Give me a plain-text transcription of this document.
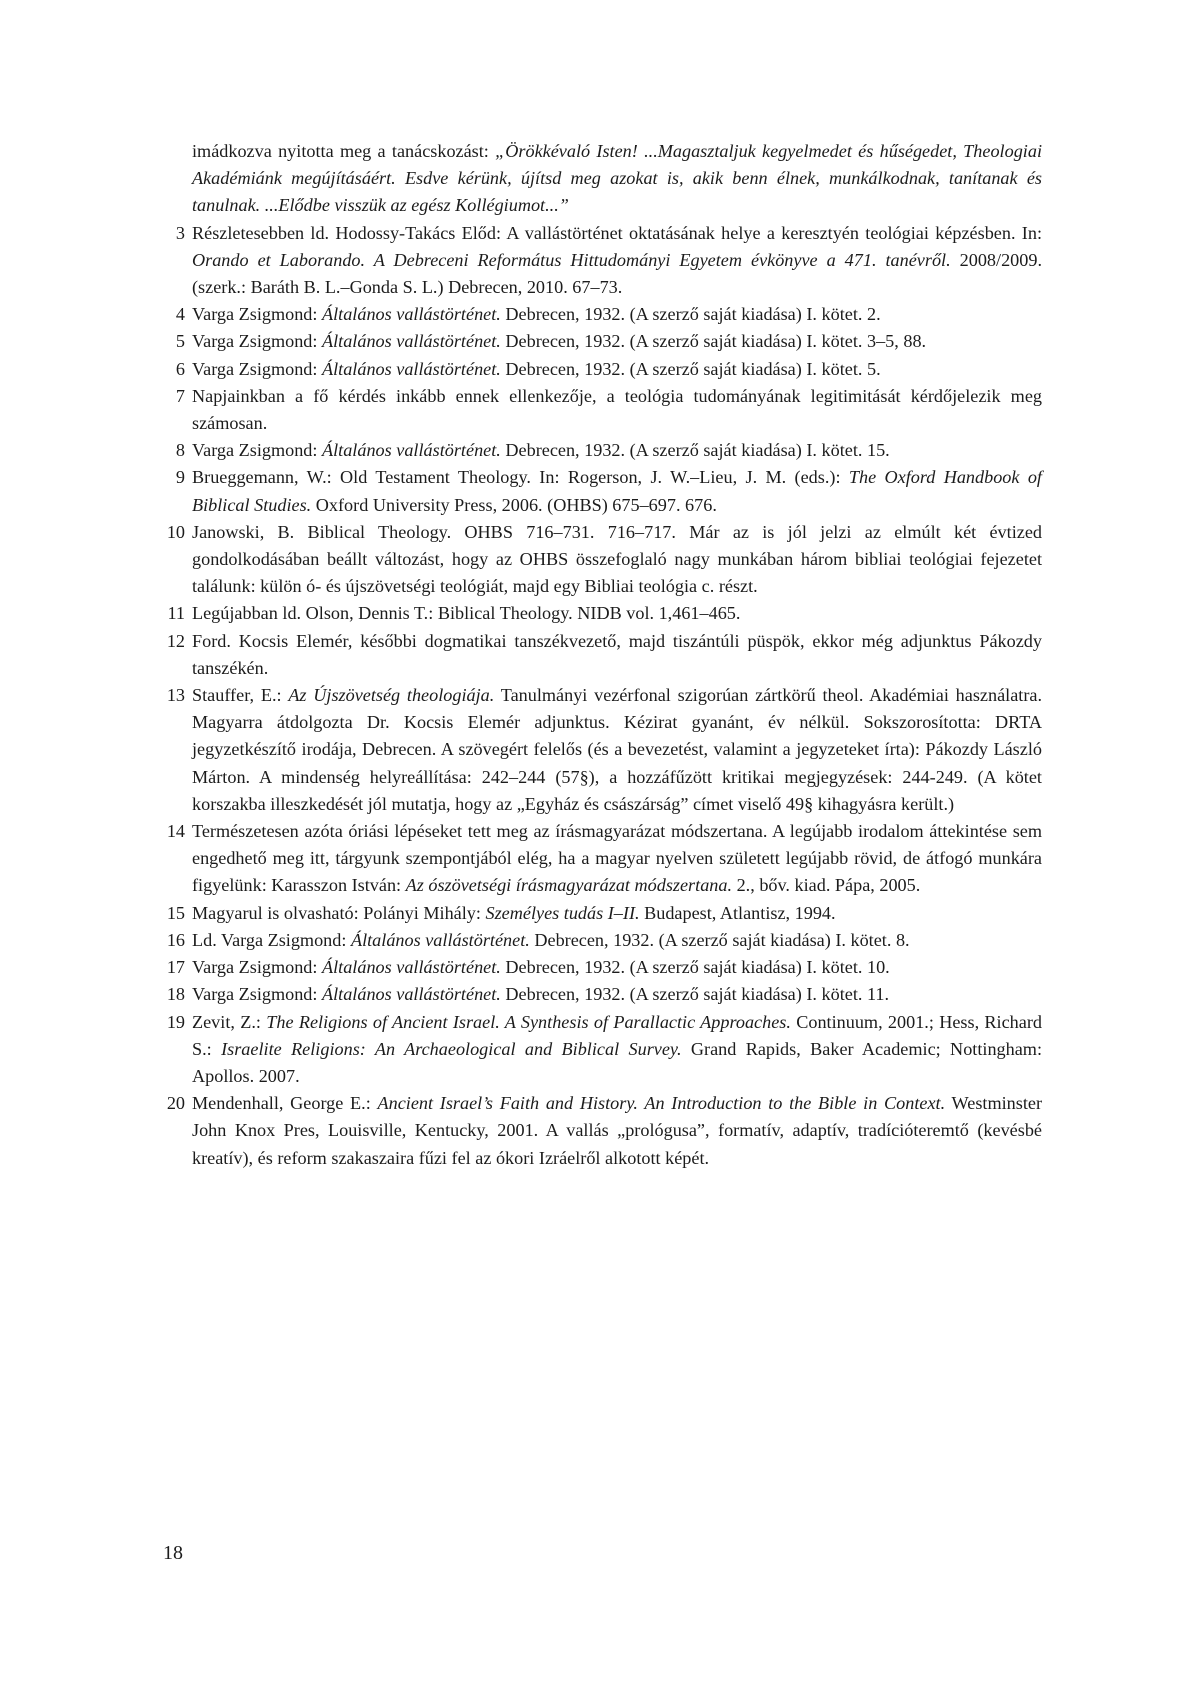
imádkozva nyitotta meg a tanácskozást: „Örökkévaló Isten! ...Magasztaljuk kegyelmedet és hűségedet, Theologiai Akadémiánk megújításáért. Esdve kérünk, újítsd meg azokat is, akik benn élnek, munkálkodnak, tanítanak és tanulnak. ...Elődbe visszük az egész Kollégiumot...”
3 Részletesebben ld. Hodossy-Takács Előd: A vallástörténet oktatásának helye a keresztyén teológiai képzésben. In: Orando et Laborando. A Debreceni Református Hittudományi Egyetem évkönyve a 471. tanévről. 2008/2009. (szerk.: Baráth B. L.–Gonda S. L.) Debrecen, 2010. 67–73.
4 Varga Zsigmond: Általános vallástörténet. Debrecen, 1932. (A szerző saját kiadása) I. kötet. 2.
5 Varga Zsigmond: Általános vallástörténet. Debrecen, 1932. (A szerző saját kiadása) I. kötet. 3–5, 88.
6 Varga Zsigmond: Általános vallástörténet. Debrecen, 1932. (A szerző saját kiadása) I. kötet. 5.
7 Napjainkban a fő kérdés inkább ennek ellenkezője, a teológia tudományának legitimitását kérdőjelezik meg számosan.
8 Varga Zsigmond: Általános vallástörténet. Debrecen, 1932. (A szerző saját kiadása) I. kötet. 15.
9 Brueggemann, W.: Old Testament Theology. In: Rogerson, J. W.–Lieu, J. M. (eds.): The Oxford Handbook of Biblical Studies. Oxford University Press, 2006. (OHBS) 675–697. 676.
10 Janowski, B. Biblical Theology. OHBS 716–731. 716–717. Már az is jól jelzi az elmúlt két évtized gondolkodásában beállt változást, hogy az OHBS összefoglaló nagy munkában három bibliai teológiai fejezetet találunk: külön ó- és újszövetségi teológiát, majd egy Bibliai teológia c. részt.
11 Legújabban ld. Olson, Dennis T.: Biblical Theology. NIDB vol. 1,461–465.
12 Ford. Kocsis Elemér, későbbi dogmatikai tanszékvezető, majd tiszántúli püspök, ekkor még adjunktus Pákozdy tanszékén.
13 Stauffer, E.: Az Újszövetség theologiája. Tanulmányi vezérfonal szigorúan zártkörű theol. Akadémiai használatra. Magyarra átdolgozta Dr. Kocsis Elemér adjunktus. Kézirat gyanánt, év nélkül. Sokszorosította: DRTA jegyzetkészítő irodája, Debrecen. A szövegért felelős (és a bevezetést, valamint a jegyzeteket írta): Pákozdy László Márton. A mindenség helyreállítása: 242–244 (57§), a hozzáfűzött kritikai megjegyzések: 244-249. (A kötet korszakba illeszkedését jól mutatja, hogy az „Egyház és császárság” címet viselő 49§ kihagyásra került.)
14 Természetesen azóta óriási lépéseket tett meg az írásmagyarázat módszertana. A legújabb irodalom áttekintése sem engedhető meg itt, tárgyunk szempontjából elég, ha a magyar nyelven született legújabb rövid, de átfogó munkára figyelünk: Karasszon István: Az ószövetségi írásmagyarázat módszertana. 2., bőv. kiad. Pápa, 2005.
15 Magyarul is olvasható: Polányi Mihály: Személyes tudás I–II. Budapest, Atlantisz, 1994.
16 Ld. Varga Zsigmond: Általános vallástörténet. Debrecen, 1932. (A szerző saját kiadása) I. kötet. 8.
17 Varga Zsigmond: Általános vallástörténet. Debrecen, 1932. (A szerző saját kiadása) I. kötet. 10.
18 Varga Zsigmond: Általános vallástörténet. Debrecen, 1932. (A szerző saját kiadása) I. kötet. 11.
19 Zevit, Z.: The Religions of Ancient Israel. A Synthesis of Parallactic Approaches. Continuum, 2001.; Hess, Richard S.: Israelite Religions: An Archaeological and Biblical Survey. Grand Rapids, Baker Academic; Nottingham: Apollos. 2007.
20 Mendenhall, George E.: Ancient Israel’s Faith and History. An Introduction to the Bible in Context. Westminster John Knox Pres, Louisville, Kentucky, 2001. A vallás „prológusa”, formatív, adaptív, tradícióteremtő (kevésbé kreatív), és reform szakaszaira fűzi fel az ókori Izráelről alkotott képét.
18
